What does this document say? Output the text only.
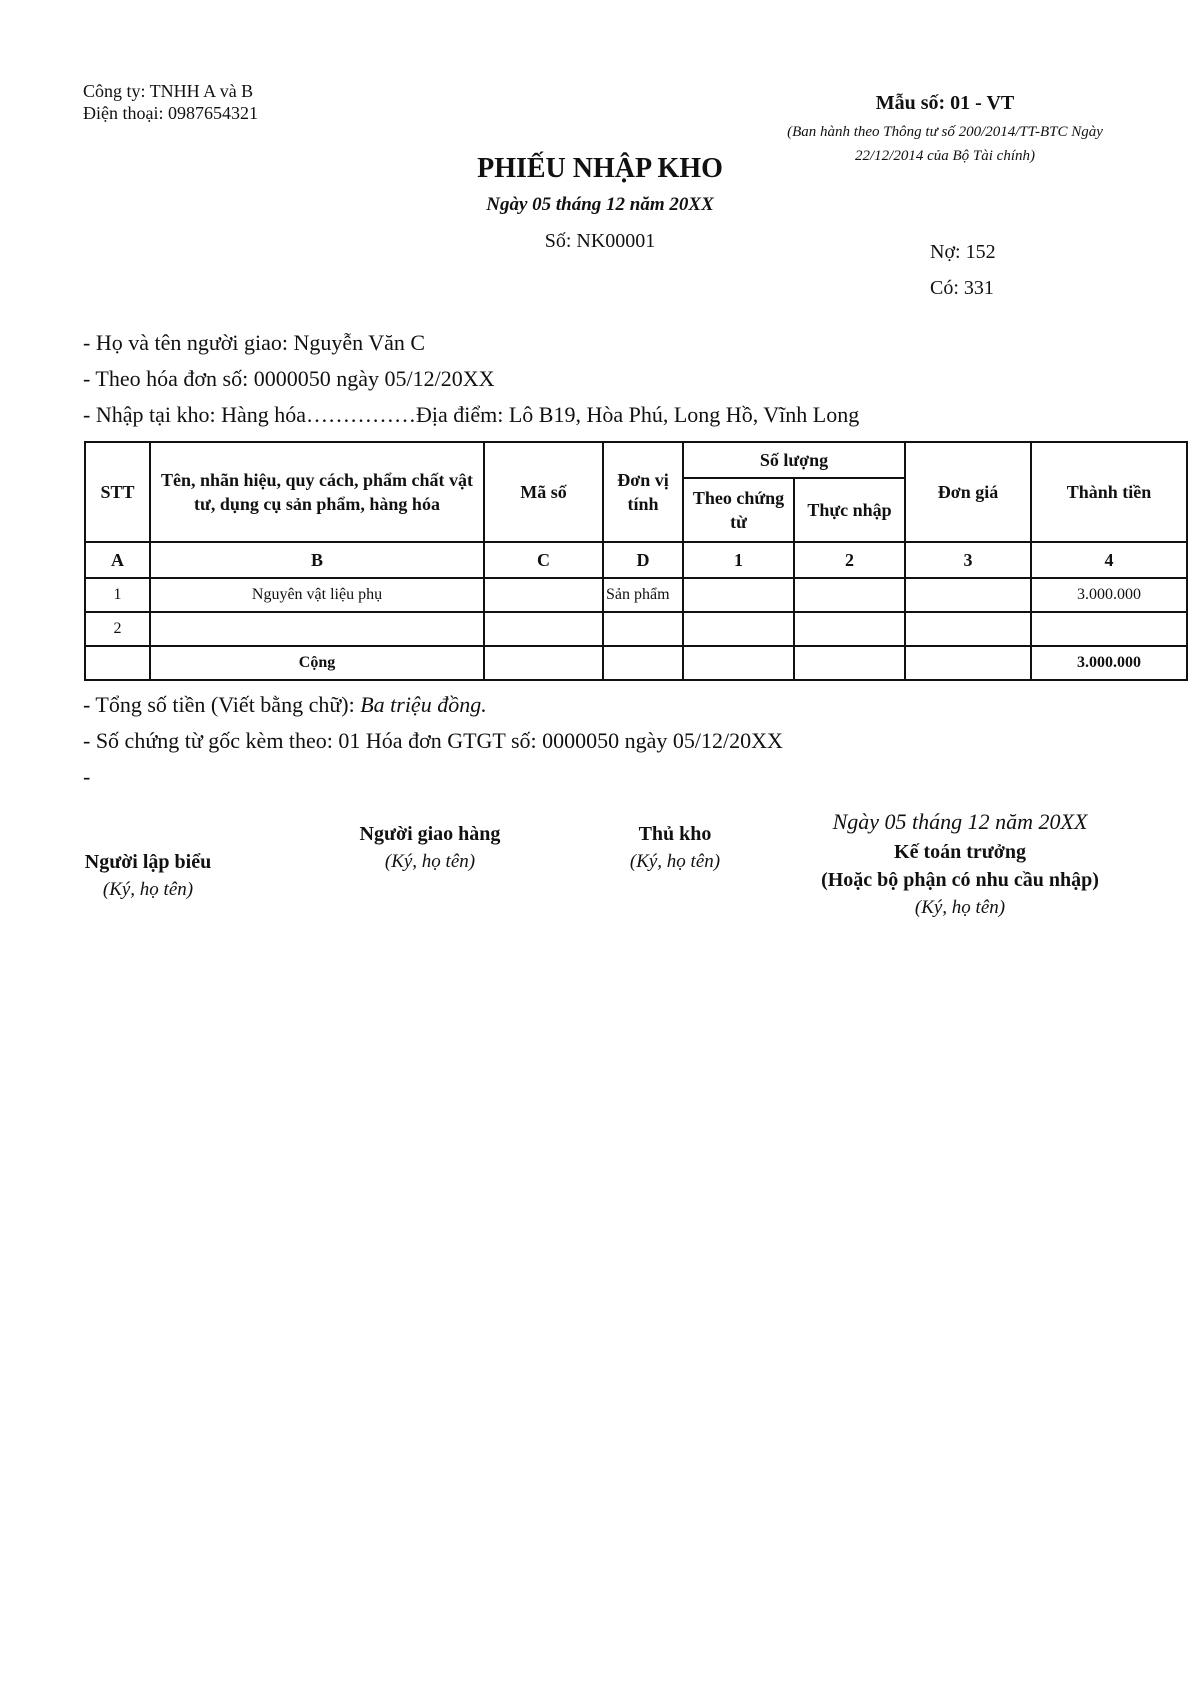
Công ty: TNHH A và B
Điện thoại: 0987654321	Mẫu số: 01 - VT
(Ban hành theo Thông tư số 200/2014/TT-BTC Ngày 22/12/2014 của Bộ Tài chính)
PHIẾU NHẬP KHO
Ngày 05 tháng 12 năm 20XX
Số: NK00001	Nợ: 152
Có: 331
- Họ và tên người giao: Nguyễn Văn C
- Theo hóa đơn số: 0000050 ngày 05/12/20XX
- Nhập tại kho: Hàng hóa……………Địa điểm: Lô B19, Hòa Phú, Long Hồ, Vĩnh Long
STT	Tên, nhãn hiệu, quy cách, phẩm chất vật tư, dụng cụ sản phẩm, hàng hóa	Mã số	Đơn vị tính	Số lượng		Đơn giá	Thành tiền
				Theo chứng từ	Thực nhập		
A	B	C	D	1	2	3	4
1	Nguyên vật liệu phụ		Sản phẩm				3.000.000
2							
	Cộng						3.000.000
- Tổng số tiền (Viết bằng chữ): Ba triệu đồng.
- Số chứng từ gốc kèm theo: 01 Hóa đơn GTGT số: 0000050 ngày 05/12/20XX
-
Người lập biểu
(Ký, họ tên)
Người giao hàng
(Ký, họ tên)
Thủ kho
(Ký, họ tên)
Ngày 05 tháng 12 năm 20XX
Kế toán trưởng
(Hoặc bộ phận có nhu cầu nhập)
(Ký, họ tên)
